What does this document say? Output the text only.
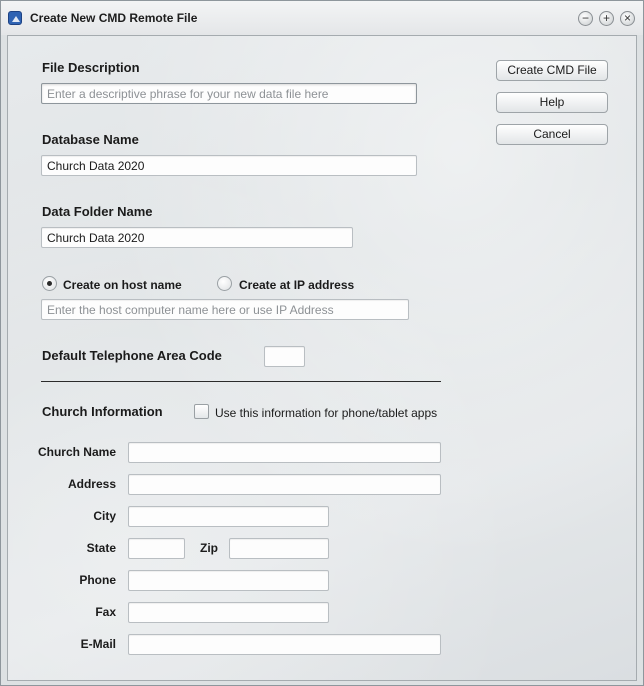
Create New CMD Remote File	−	+	×
File Description
Enter a descriptive phrase for your new data file here
Database Name
Church Data 2020
Data Folder Name
Church Data 2020
Create on host name	Create at IP address
Enter the host computer name here or use IP Address
Default Telephone Area Code
Church Information	Use this information for phone/tablet apps
Church Name
Address
City
State	Zip
Phone
Fax
E-Mail
Create CMD File
Help
Cancel
